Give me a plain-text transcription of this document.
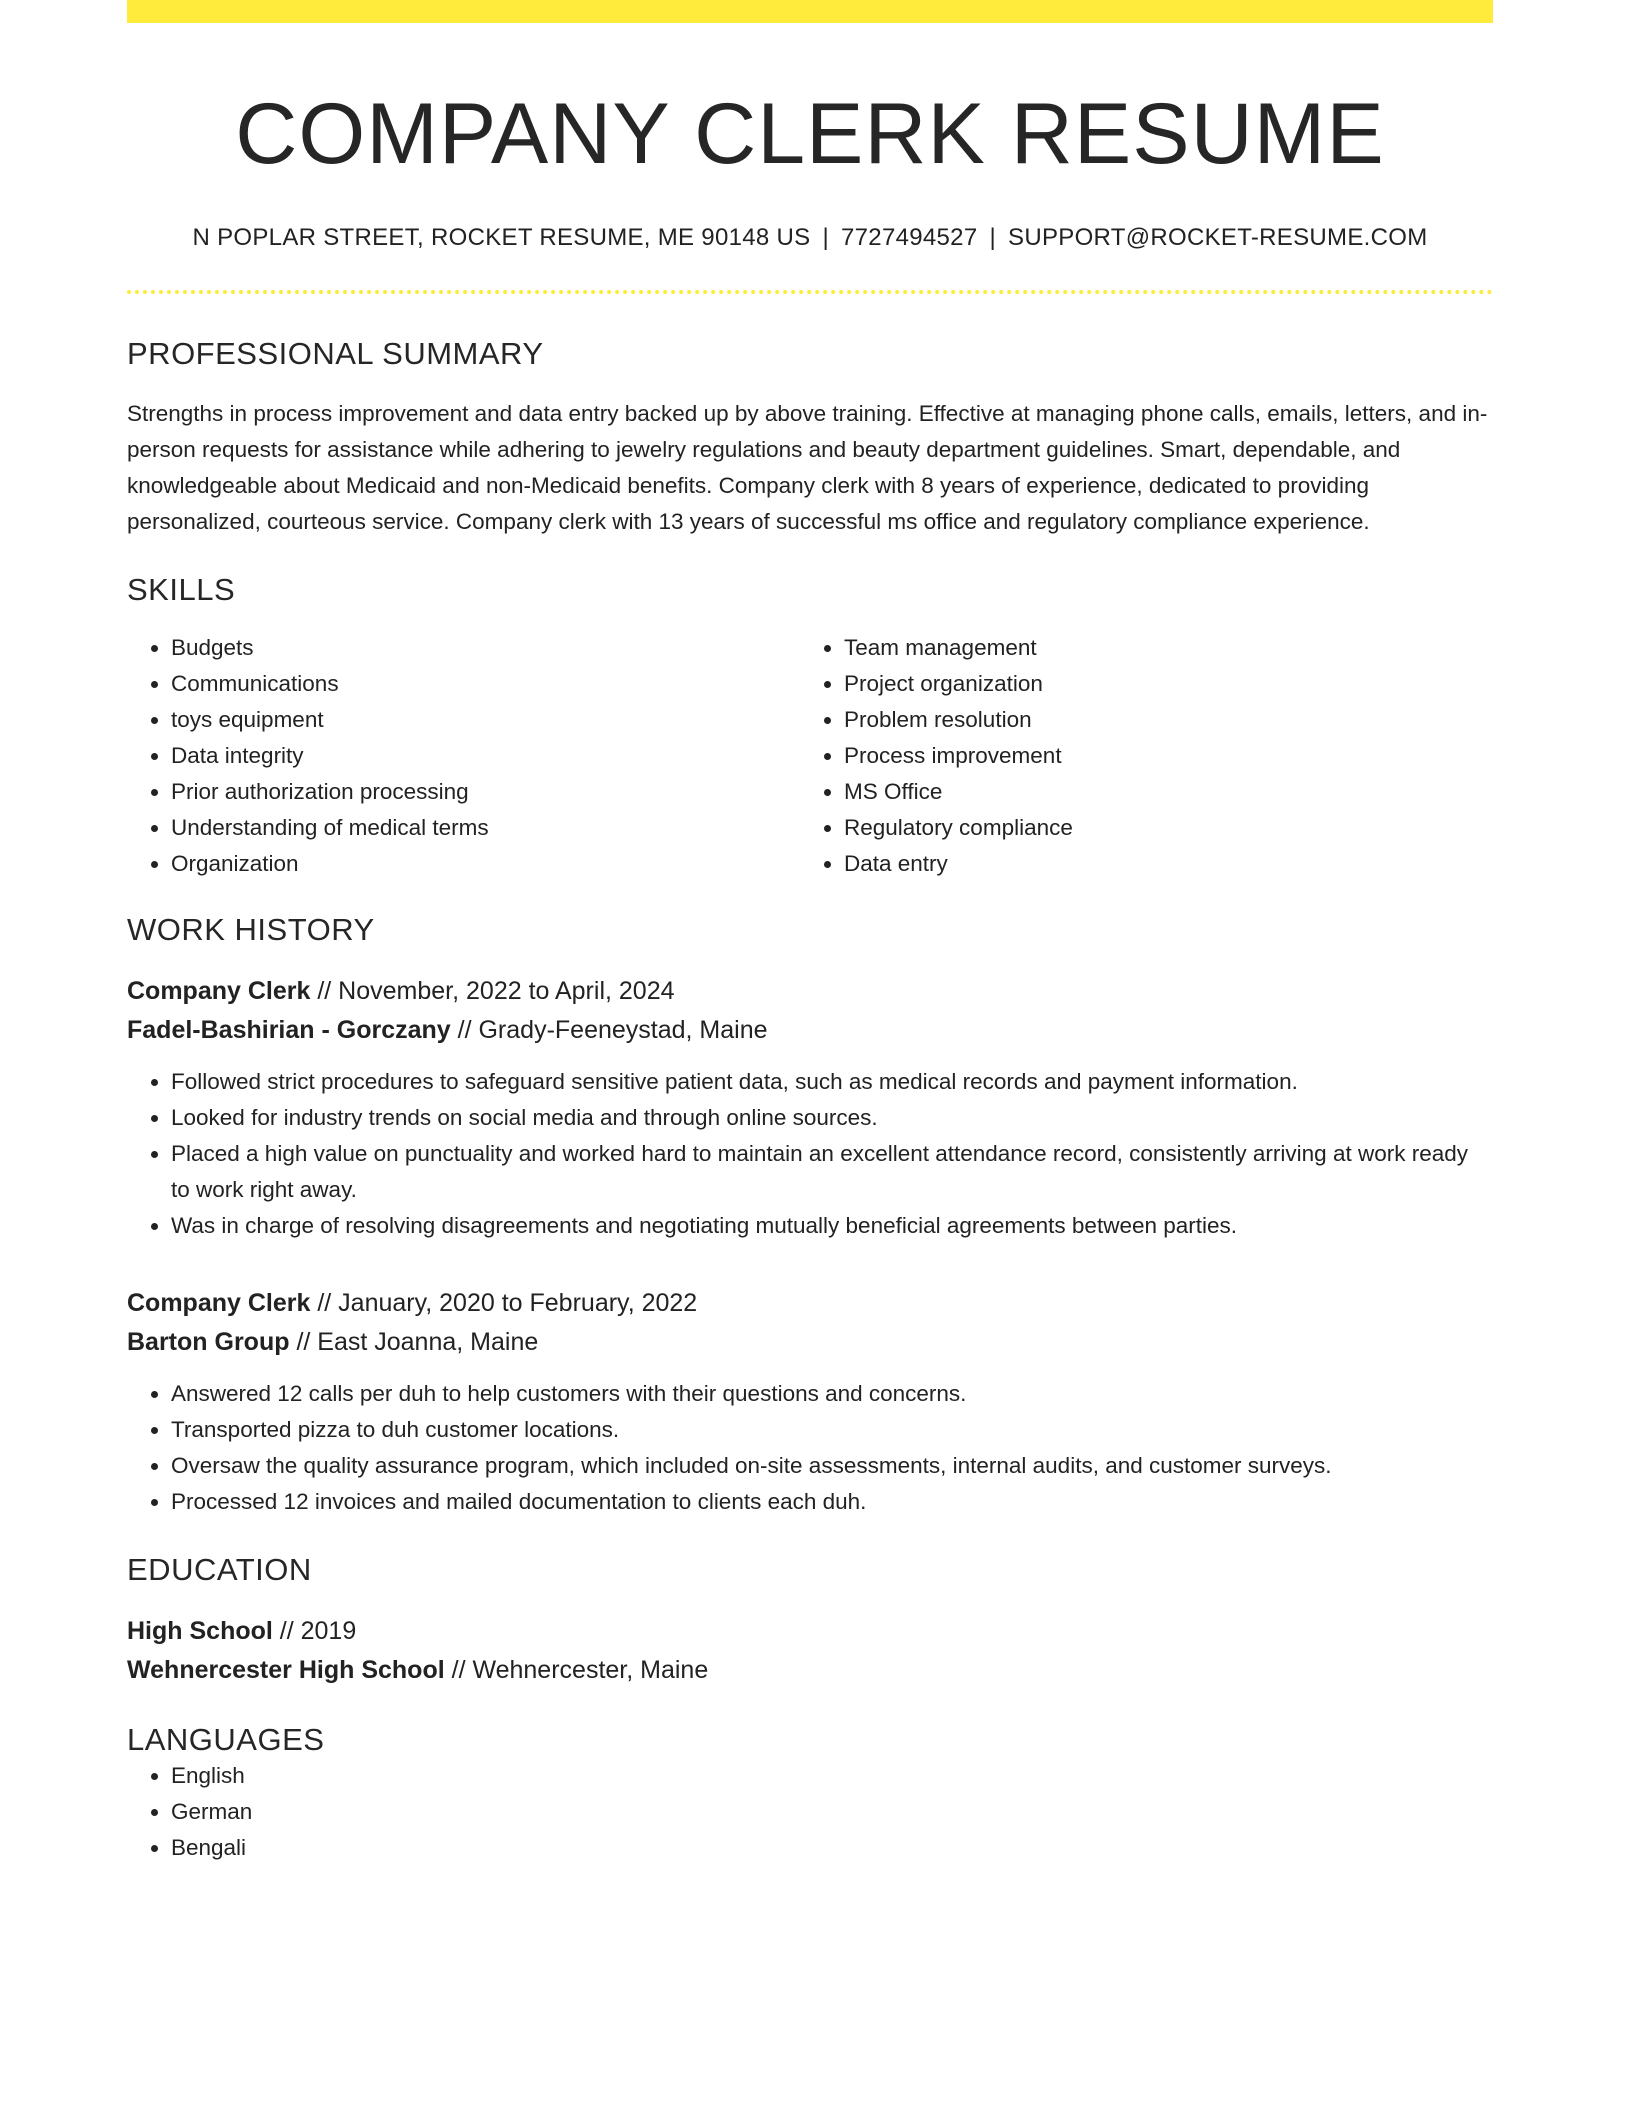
COMPANY CLERK RESUME
N POPLAR STREET, ROCKET RESUME, ME 90148 US | 7727494527 | SUPPORT@ROCKET-RESUME.COM
PROFESSIONAL SUMMARY
Strengths in process improvement and data entry backed up by above training. Effective at managing phone calls, emails, letters, and in-person requests for assistance while adhering to jewelry regulations and beauty department guidelines. Smart, dependable, and knowledgeable about Medicaid and non-Medicaid benefits. Company clerk with 8 years of experience, dedicated to providing personalized, courteous service. Company clerk with 13 years of successful ms office and regulatory compliance experience.
SKILLS
• Budgets
• Communications
• toys equipment
• Data integrity
• Prior authorization processing
• Understanding of medical terms
• Organization
• Team management
• Project organization
• Problem resolution
• Process improvement
• MS Office
• Regulatory compliance
• Data entry
WORK HISTORY
Company Clerk // November, 2022 to April, 2024
Fadel-Bashirian - Gorczany // Grady-Feeneystad, Maine
• Followed strict procedures to safeguard sensitive patient data, such as medical records and payment information.
• Looked for industry trends on social media and through online sources.
• Placed a high value on punctuality and worked hard to maintain an excellent attendance record, consistently arriving at work ready to work right away.
• Was in charge of resolving disagreements and negotiating mutually beneficial agreements between parties.
Company Clerk // January, 2020 to February, 2022
Barton Group // East Joanna, Maine
• Answered 12 calls per duh to help customers with their questions and concerns.
• Transported pizza to duh customer locations.
• Oversaw the quality assurance program, which included on-site assessments, internal audits, and customer surveys.
• Processed 12 invoices and mailed documentation to clients each duh.
EDUCATION
High School // 2019
Wehnercester High School // Wehnercester, Maine
LANGUAGES
• English
• German
• Bengali
